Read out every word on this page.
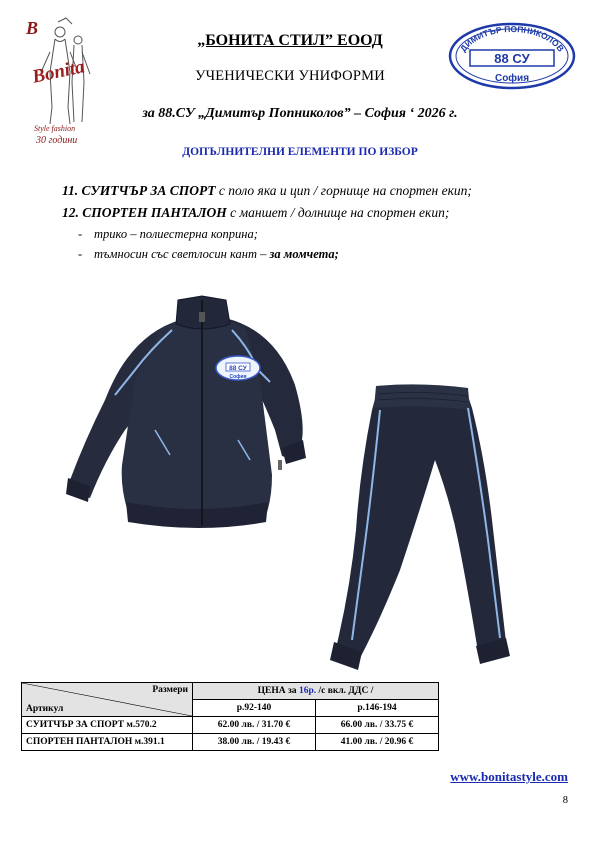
B
Bonita
Style fashion
30 години
ДИМИТЪР ПОПНИКОЛОВ
88 СУ
София
„БОНИТА СТИЛ” ЕООД
УЧЕНИЧЕСКИ УНИФОРМИ
за 88.СУ „Димитър Попниколов” – София ‘ 2026 г.
ДОПЪЛНИТЕЛНИ ЕЛЕМЕНТИ ПО ИЗБОР
11. СУИТЧЪР ЗА СПОРТ с поло яка и цип / горнище на спортен екип;
12. СПОРТЕН ПАНТАЛОН с маншет / долнище на спортен екип;
- трико – полиестерна коприна;
- тъмносин със светлосин кант – за момчета;
88 СУ
София
Размери
Артикул	ЦЕНА за 16р. /с вкл. ДДС /	
	р.92-140	р.146-194
СУИТЧЪР ЗА СПОРТ м.570.2	62.00 лв. / 31.70 €	66.00 лв. / 33.75 €
СПОРТЕН ПАНТАЛОН м.391.1	38.00 лв. / 19.43 €	41.00 лв. / 20.96 €
www.bonitastyle.com
8
